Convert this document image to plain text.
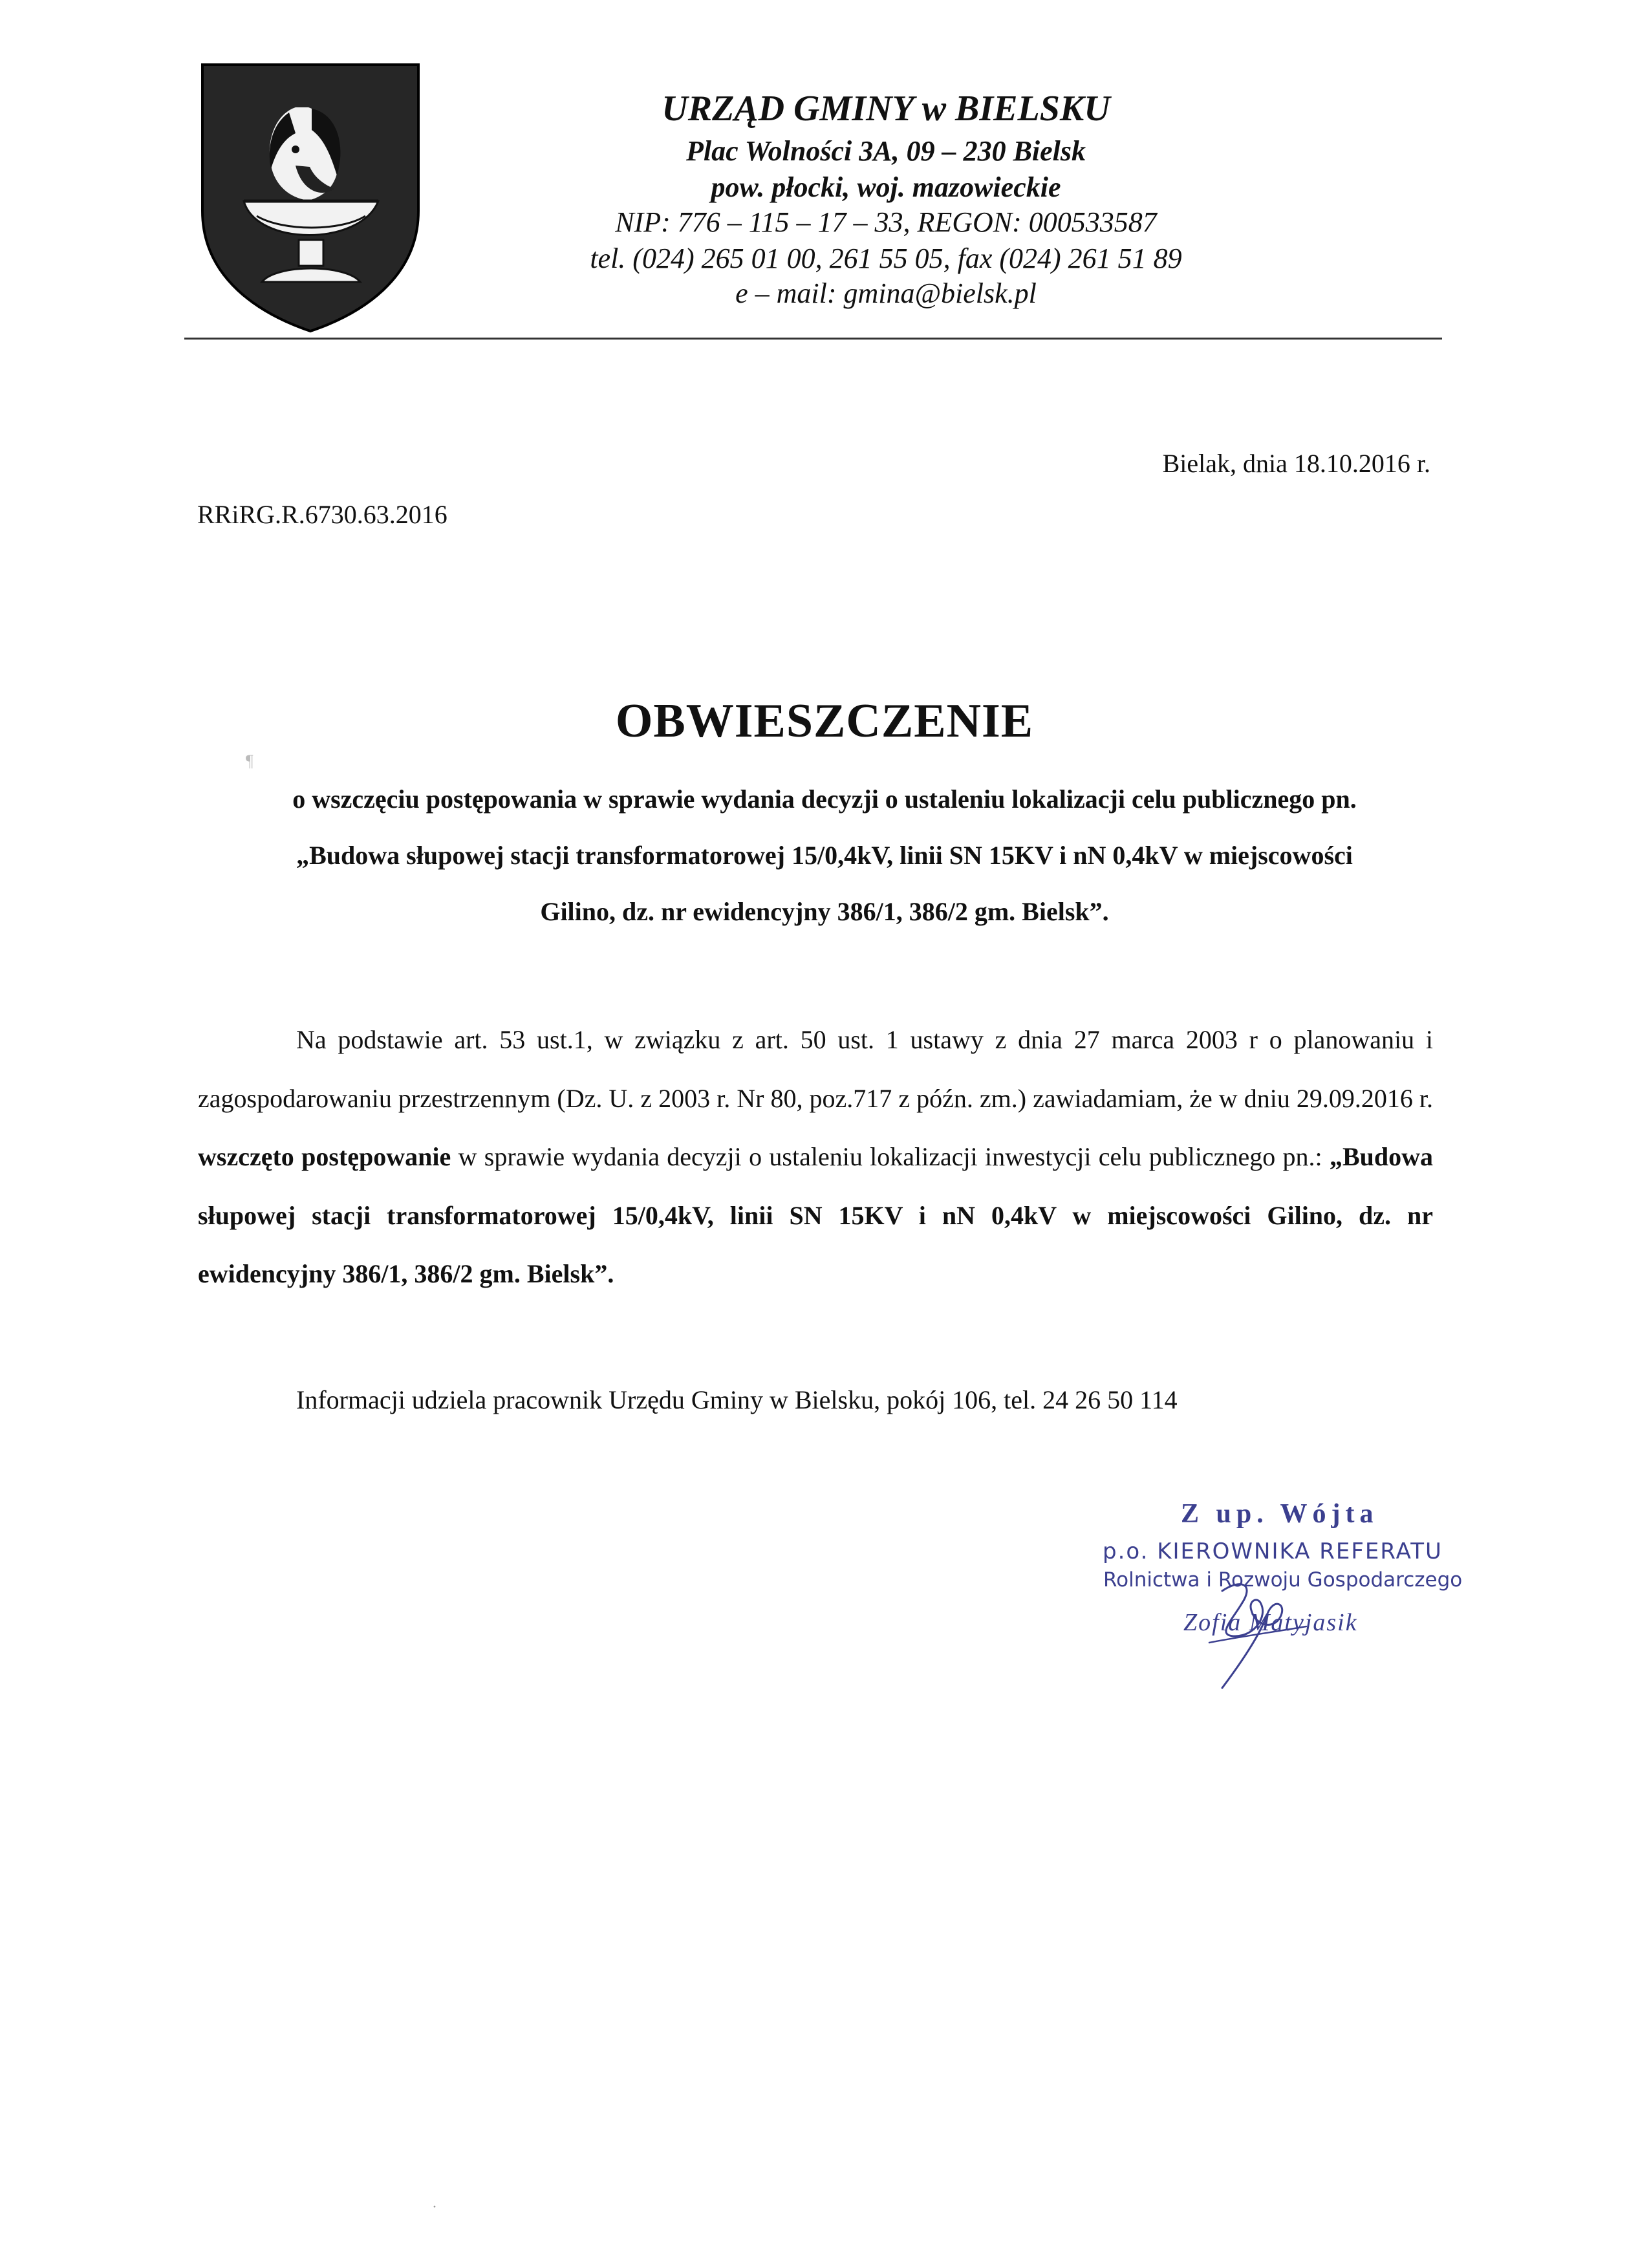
URZĄD GMINY w BIELSKU
Plac Wolności 3A, 09 – 230 Bielsk
pow. płocki, woj. mazowieckie
NIP: 776 – 115 – 17 – 33, REGON: 000533587
tel. (024) 265 01 00, 261 55 05, fax (024) 261 51 89
e – mail: gmina@bielsk.pl
Bielak, dnia 18.10.2016 r.
RRiRG.R.6730.63.2016
OBWIESZCZENIE
¶
o wszczęciu postępowania w sprawie wydania decyzji o ustaleniu lokalizacji celu publicznego pn.
„Budowa słupowej stacji transformatorowej 15/0,4kV, linii SN 15KV i nN 0,4kV w miejscowości
Gilino, dz. nr ewidencyjny 386/1, 386/2 gm. Bielsk”.

Na podstawie art. 53 ust.1, w związku z art. 50 ust. 1 ustawy z dnia 27 marca 2003 r o planowaniu i zagospodarowaniu przestrzennym (Dz. U. z 2003 r. Nr 80, poz.717 z późn. zm.) zawiadamiam, że w dniu 29.09.2016 r. wszczęto postępowanie w sprawie wydania decyzji o ustaleniu lokalizacji inwestycji celu publicznego pn.: „Budowa słupowej stacji transformatorowej 15/0,4kV, linii SN 15KV i nN 0,4kV w miejscowości Gilino, dz. nr ewidencyjny 386/1, 386/2 gm. Bielsk”.

Informacji udziela pracownik Urzędu Gminy w Bielsku, pokój 106, tel. 24 26 50 114
Z up. Wójta
p.o. KIEROWNIKA REFERATU
Rolnictwa i Rozwoju Gospodarczego
Zofia Matyjasik
·
